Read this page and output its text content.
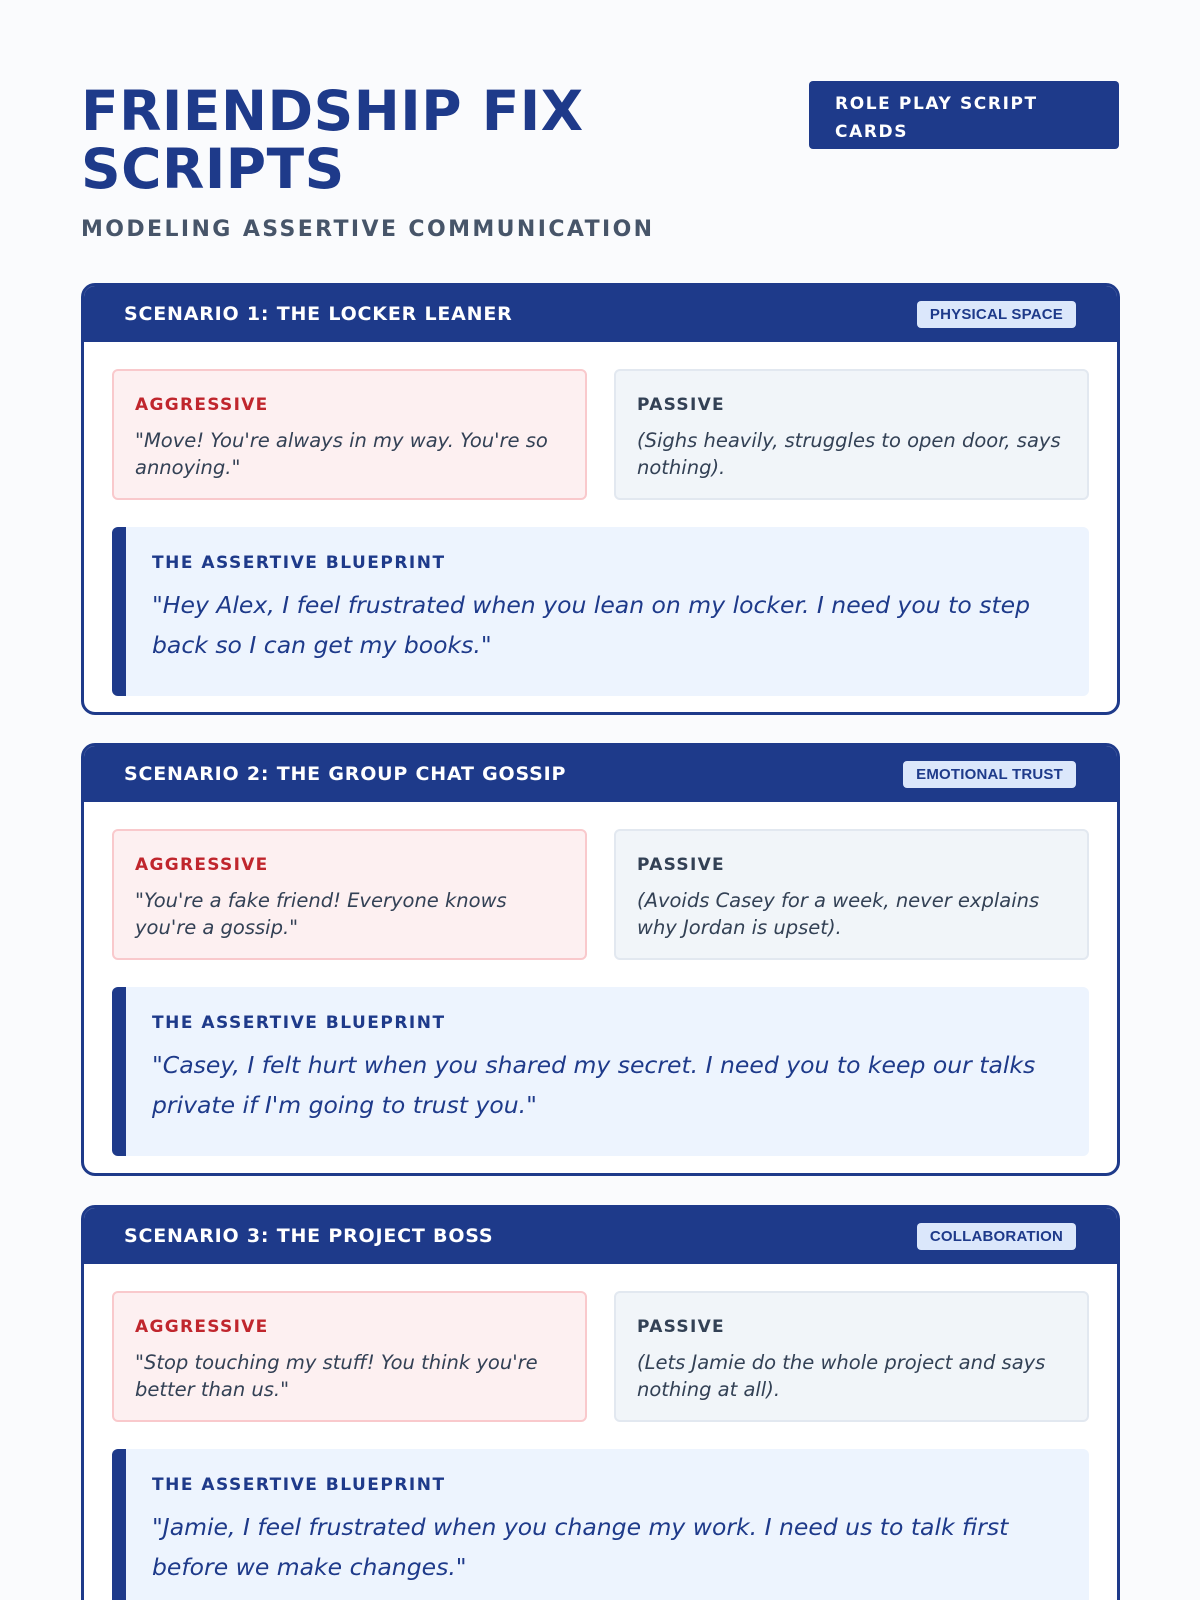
FRIENDSHIP FIX SCRIPTS
MODELING ASSERTIVE COMMUNICATION
ROLE PLAY SCRIPT CARDS
SCENARIO 1: THE LOCKER LEANER	PHYSICAL SPACE
AGGRESSIVE
"Move! You're always in my way. You're so annoying."
PASSIVE
(Sighs heavily, struggles to open door, says nothing).
THE ASSERTIVE BLUEPRINT
"Hey Alex, I feel frustrated when you lean on my locker. I need you to step back so I can get my books."
SCENARIO 2: THE GROUP CHAT GOSSIP	EMOTIONAL TRUST
AGGRESSIVE
"You're a fake friend! Everyone knows you're a gossip."
PASSIVE
(Avoids Casey for a week, never explains why Jordan is upset).
THE ASSERTIVE BLUEPRINT
"Casey, I felt hurt when you shared my secret. I need you to keep our talks private if I'm going to trust you."
SCENARIO 3: THE PROJECT BOSS	COLLABORATION
AGGRESSIVE
"Stop touching my stuff! You think you're better than us."
PASSIVE
(Lets Jamie do the whole project and says nothing at all).
THE ASSERTIVE BLUEPRINT
"Jamie, I feel frustrated when you change my work. I need us to talk first before we make changes."
